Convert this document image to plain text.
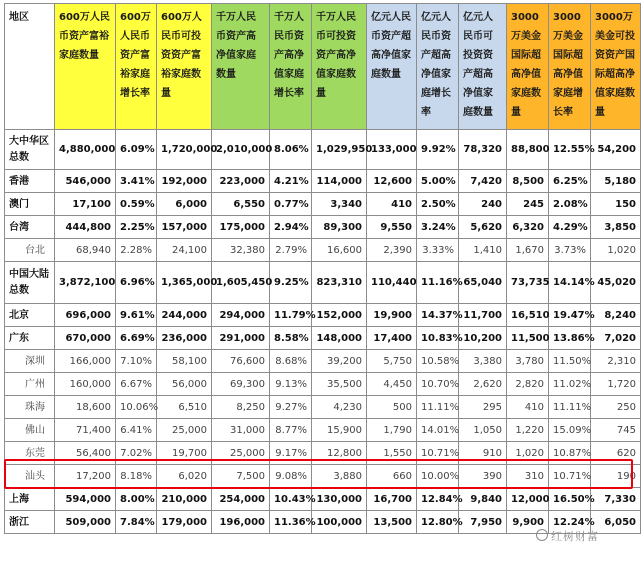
地区	600万人民币资产富裕家庭数量	600万人民币资产富裕家庭增长率	600万人民币可投资资产富裕家庭数量	千万人民币资产高净值家庭数量	千万人民币资产高净值家庭增长率	千万人民币可投资资产高净值家庭数量	亿元人民币资产超高净值家庭数量	亿元人民币资产超高净值家庭增长率	亿元人民币可投资资产超高净值家庭数量	3000万美金国际超高净值家庭数量	3000万美金国际超高净值家庭增长率	3000万美金可投资资产国际超高净值家庭数量
大中华区总数	4,880,000	6.09%	1,720,000	2,010,000	8.06%	1,029,950	133,000	9.92%	78,320	88,800	12.55%	54,200
香港	546,000	3.41%	192,000	223,000	4.21%	114,000	12,600	5.00%	7,420	8,500	6.25%	5,180
澳门	17,100	0.59%	6,000	6,550	0.77%	3,340	410	2.50%	240	245	2.08%	150
台湾	444,800	2.25%	157,000	175,000	2.94%	89,300	9,550	3.24%	5,620	6,320	4.29%	3,850
台北	68,940	2.28%	24,100	32,380	2.79%	16,600	2,390	3.33%	1,410	1,670	3.73%	1,020
中国大陆总数	3,872,100	6.96%	1,365,000	1,605,450	9.25%	823,310	110,440	11.16%	65,040	73,735	14.14%	45,020
北京	696,000	9.61%	244,000	294,000	11.79%	152,000	19,900	14.37%	11,700	16,510	19.47%	8,240
广东	670,000	6.69%	236,000	291,000	8.58%	148,000	17,400	10.83%	10,200	11,500	13.86%	7,020
深圳	166,000	7.10%	58,100	76,600	8.68%	39,200	5,750	10.58%	3,380	3,780	11.50%	2,310
广州	160,000	6.67%	56,000	69,300	9.13%	35,500	4,450	10.70%	2,620	2,820	11.02%	1,720
珠海	18,600	10.06%	6,510	8,250	9.27%	4,230	500	11.11%	295	410	11.11%	250
佛山	71,400	6.41%	25,000	31,000	8.77%	15,900	1,790	14.01%	1,050	1,220	15.09%	745
东莞	56,400	7.02%	19,700	25,000	9.17%	12,800	1,550	10.71%	910	1,020	10.87%	620
汕头	17,200	8.18%	6,020	7,500	9.08%	3,880	660	10.00%	390	310	10.71%	190
上海	594,000	8.00%	210,000	254,000	10.43%	130,000	16,700	12.84%	9,840	12,000	16.50%	7,330
浙江	509,000	7.84%	179,000	196,000	11.36%	100,000	13,500	12.80%	7,950	9,900	12.24%	6,050
红树财富
